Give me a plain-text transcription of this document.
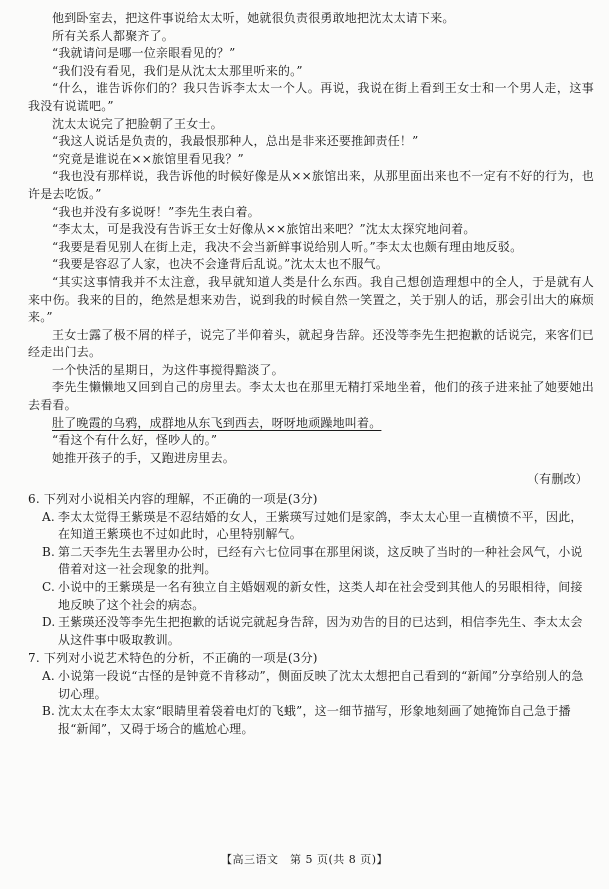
他到卧室去，把这件事说给太太听，她就很负责很勇敢地把沈太太请下来。

所有关系人都聚齐了。

“我就请问是哪一位亲眼看见的？”

“我们没有看见，我们是从沈太太那里听来的。”

“什么，谁告诉你们的？我只告诉李太太一个人。再说，我说在街上看到王女士和一个男人走，这事我没有说谎吧。”

沈太太说完了把脸朝了王女士。

“我这人说话是负责的，我最恨那种人，总出是非来还要推卸责任！”

“究竟是谁说在××旅馆里看见我？”

“我也没有那样说，我告诉他的时候好像是从××旅馆出来，从那里面出来也不一定有不好的行为，也许是去吃饭。”

“我也并没有多说呀！”李先生表白着。

“李太太，可是我没有告诉王女士好像从××旅馆出来吧？”沈太太探究地问着。

“我要是看见别人在街上走，我决不会当新鲜事说给别人听。”李太太也颇有理由地反驳。

“我要是容忍了人家，也决不会逢背后乱说。”沈太太也不服气。

“其实这事情我并不太注意，我早就知道人类是什么东西。我自己想创造理想中的全人，于是就有人来中伤。我来的目的，绝然是想来劝告，说到我的时候自然一笑置之，关于别人的话，那会引出大的麻烦来。”

王女士露了极不屑的样子，说完了半仰着头，就起身告辞。还没等李先生把抱歉的话说完，来客们已经走出门去。

一个快活的星期日，为这件事搅得黯淡了。

李先生懒懒地又回到自己的房里去。李太太也在那里无精打采地坐着，他们的孩子进来扯了她要她出去看看。

肚了晚霞的乌鸦，成群地从东飞到西去，呀呀地顽躁地叫着。

“看这个有什么好，怪吵人的。”

她推开孩子的手，又跑进房里去。

（有删改）

6. 下列对小说相关内容的理解，不正确的一项是(3分)

A. 李太太觉得王紫瑛是不忍结婚的女人，王紫瑛写过她们是家鸽，李太太心里一直横愤不平，因此，在知道王紫瑛也不过如此时，心里特别解气。
B. 第二天李先生去署里办公时，已经有六七位同事在那里闲谈，这反映了当时的一种社会风气，小说借着对这一社会现象的批判。
C. 小说中的王紫瑛是一名有独立自主婚姻观的新女性，这类人却在社会受到其他人的另眼相待，间接地反映了这个社会的病态。
D. 王紫瑛还没等李先生把抱歉的话说完就起身告辞，因为劝告的目的已达到，相信李先生、李太太会从这件事中吸取教训。

7. 下列对小说艺术特色的分析，不正确的一项是(3分)

A. 小说第一段说“古怪的是钟竟不肯移动”，侧面反映了沈太太想把自己看到的“新闻”分享给别人的急切心理。
B. 沈太太在李太太家“眼睛里着袋着电灯的飞蛾”，这一细节描写，形象地刻画了她掩饰自己急于播报“新闻”，又碍于场合的尴尬心理。
【高三语文　第 5 页(共 8 页)】
